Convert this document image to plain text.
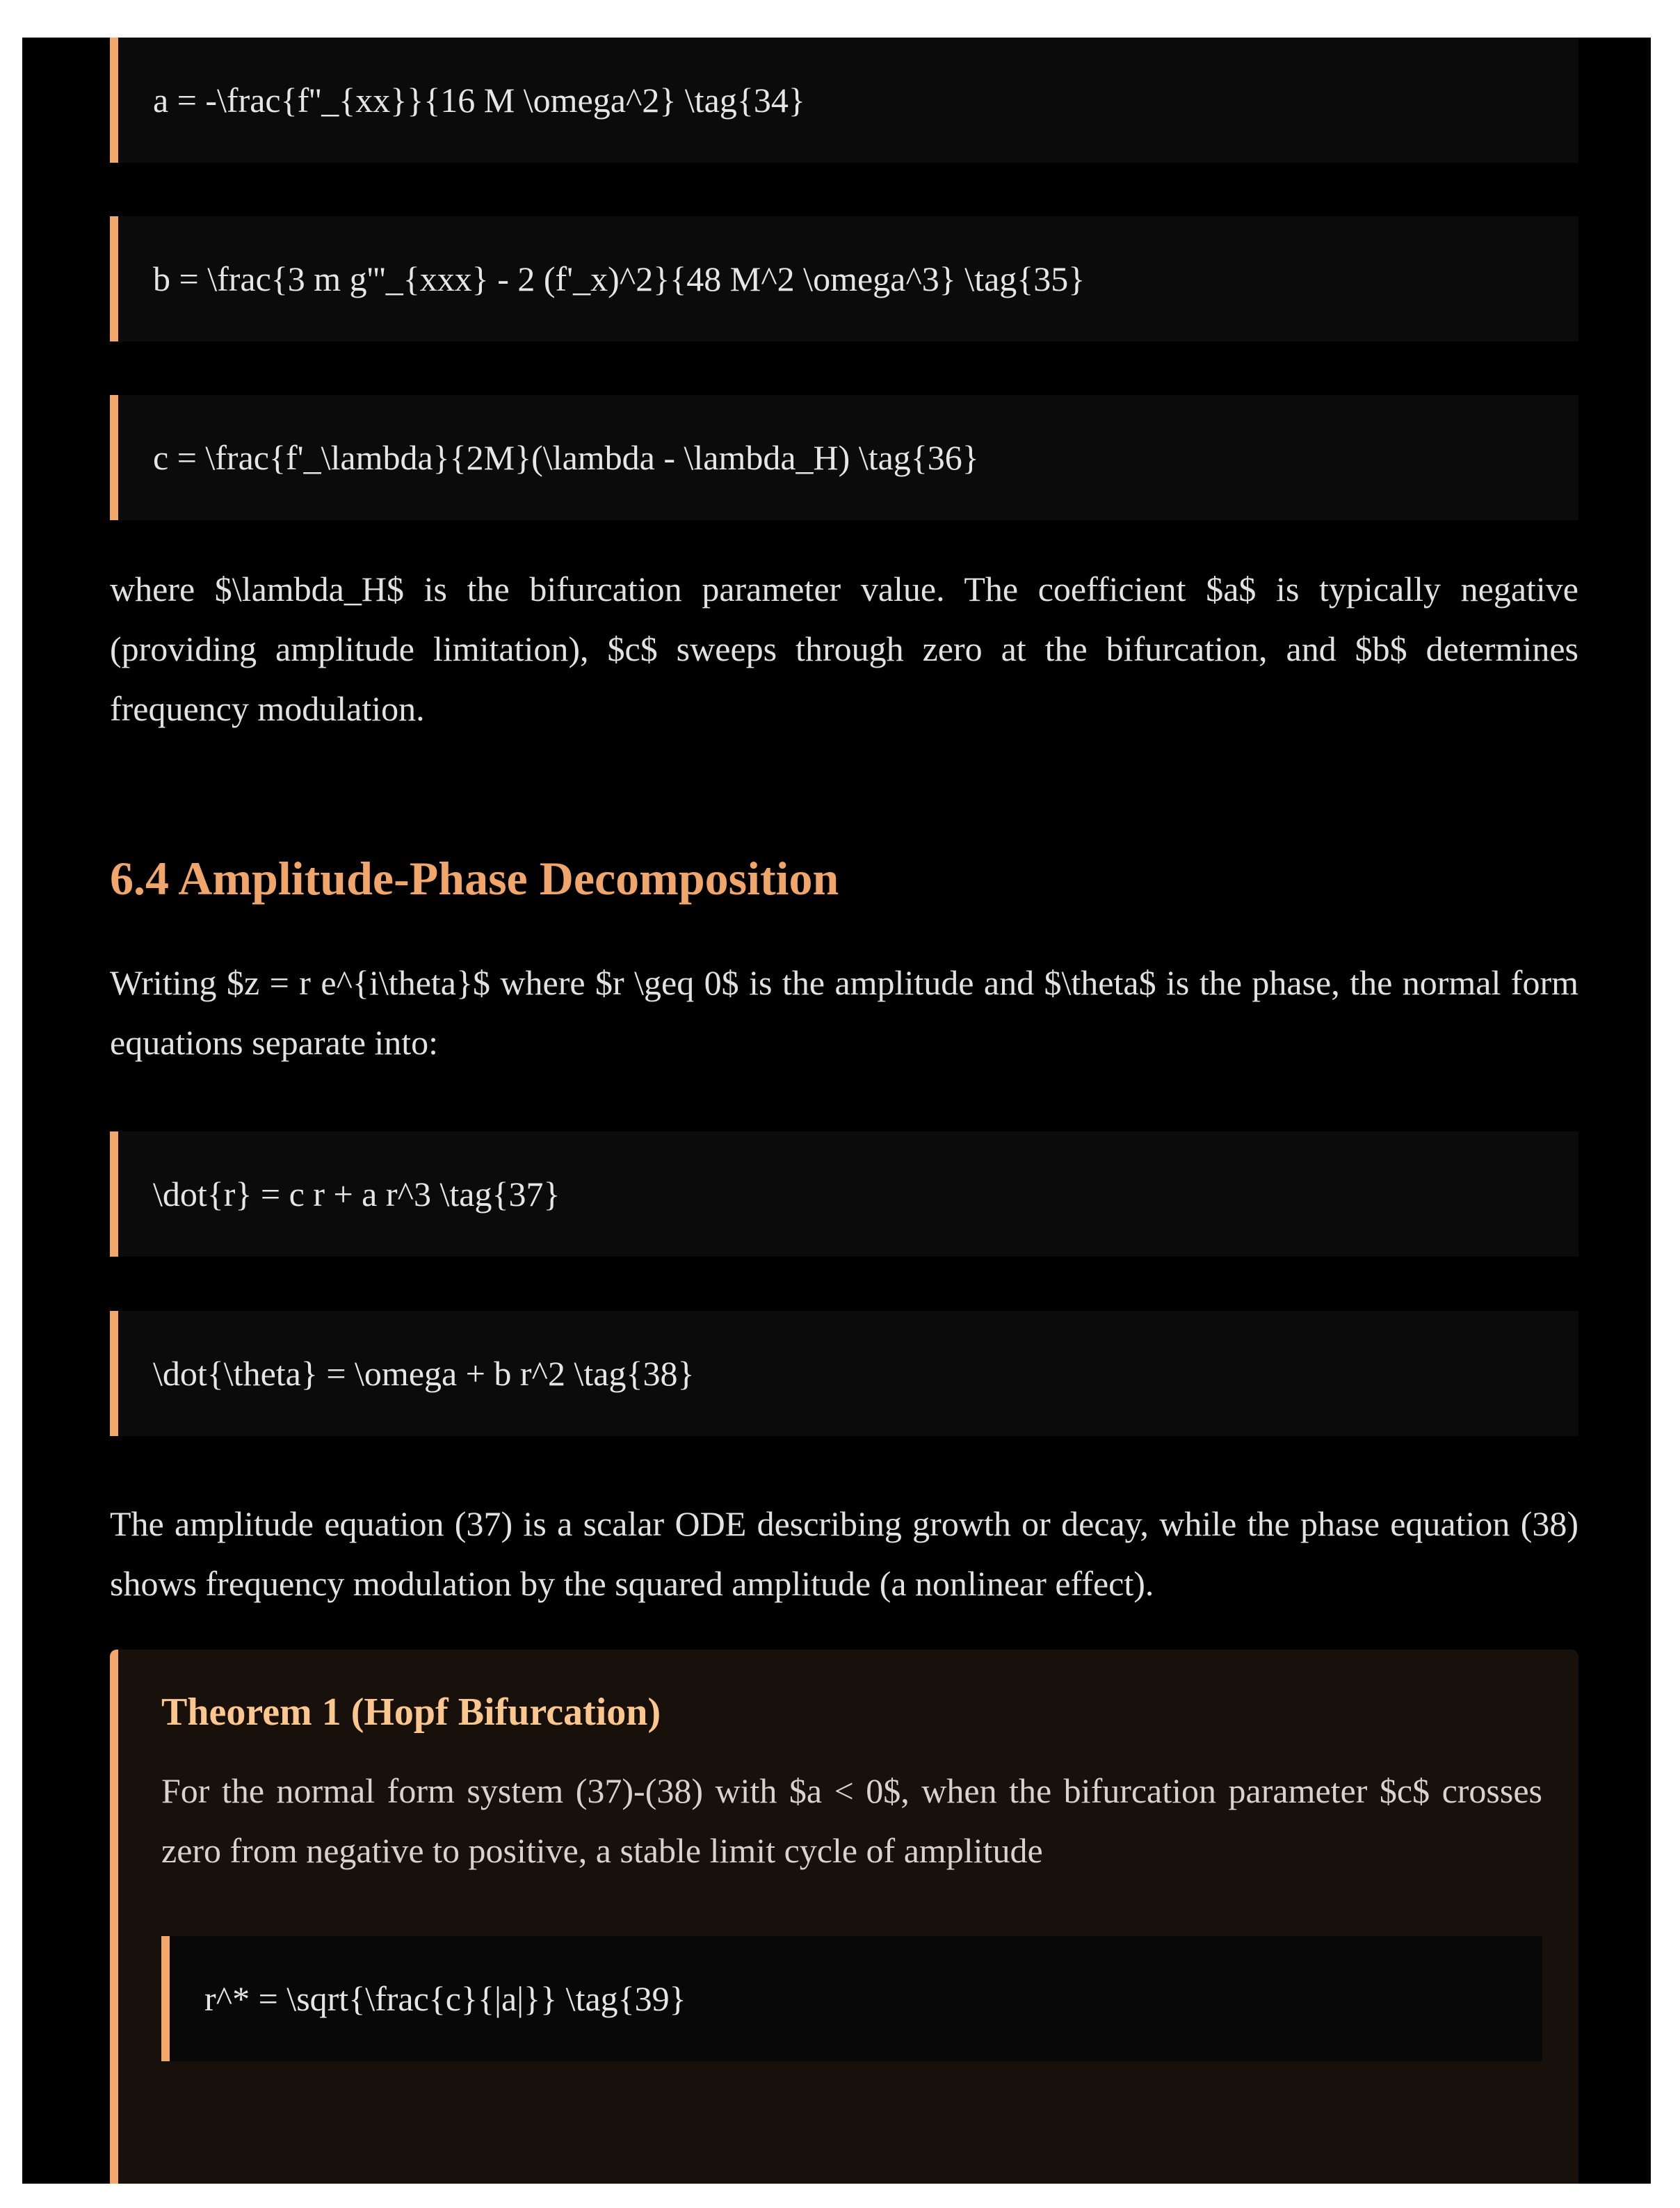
a = -\frac{f''_{xx}}{16 M \omega^2} \tag{34}
b = \frac{3 m g'''_{xxx} - 2 (f'_x)^2}{48 M^2 \omega^3} \tag{35}
c = \frac{f'_\lambda}{2M}(\lambda - \lambda_H) \tag{36}
where $\lambda_H$ is the bifurcation parameter value. The coefficient $a$ is typically negative (providing amplitude limitation), $c$ sweeps through zero at the bifurcation, and $b$ determines frequency modulation.
6.4 Amplitude-Phase Decomposition
Writing $z = r e^{i\theta}$ where $r \geq 0$ is the amplitude and $\theta$ is the phase, the normal form equations separate into:
\dot{r} = c r + a r^3 \tag{37}
\dot{\theta} = \omega + b r^2 \tag{38}
The amplitude equation (37) is a scalar ODE describing growth or decay, while the phase equation (38) shows frequency modulation by the squared amplitude (a nonlinear effect).
Theorem 1 (Hopf Bifurcation)
For the normal form system (37)-(38) with $a < 0$, when the bifurcation parameter $c$ crosses zero from negative to positive, a stable limit cycle of amplitude
r^* = \sqrt{\frac{c}{|a|}} \tag{39}
